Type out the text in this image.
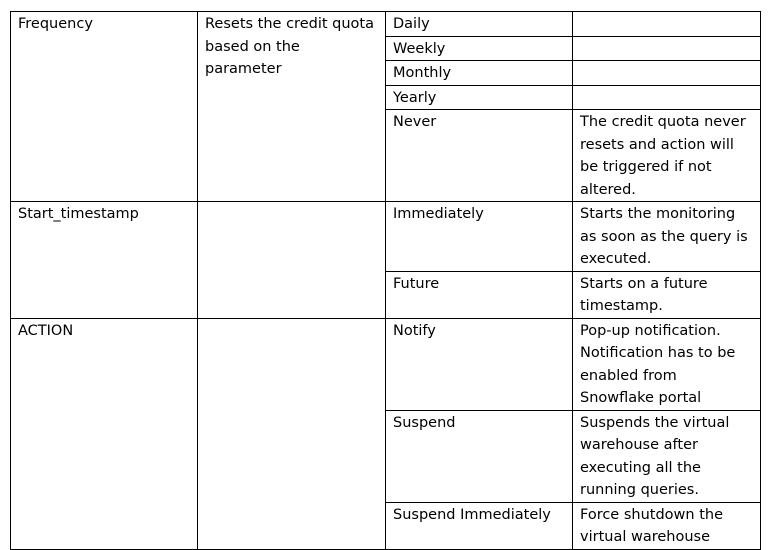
Frequency	Resets the credit quota based on the parameter	Daily	
		Weekly	
		Monthly	
		Yearly	
		Never	The credit quota never resets and action will be triggered if not altered.
Start_timestamp		Immediately	Starts the monitoring as soon as the query is executed.
		Future	Starts on a future timestamp.
ACTION		Notify	Pop-up notification. Notification has to be enabled from Snowflake portal
		Suspend	Suspends the virtual warehouse after executing all the running queries.
		Suspend Immediately	Force shutdown the virtual warehouse
